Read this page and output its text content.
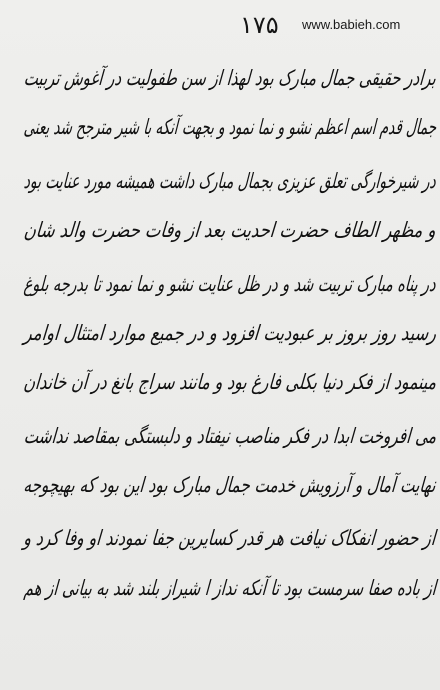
۱۷۵ www.babieh.com
برادر حقیقی جمال مبارک بود لهذا از سن طفولیت در آغوش تربیت
جمال قدم اسم اعظم نشو و نما نمود و بجهت آنکه با شیر مترجح شد یعنی
در شیرخوارگی تعلق عزیزی بجمال مبارک داشت همیشه مورد عنایت بود
و مظهر الطاف حضرت احدیت بعد از وفات حضرت والد شان
در پناه مبارک تربیت شد و در ظل عنایت نشو و نما نمود تا بدرجه بلوغ
رسید روز بروز بر عبودیت افزود و در جمیع موارد امتثال اوامر
مینمود از فکر دنیا بکلی فارغ بود و مانند سراج بانغ در آن خاندان
می افروخت ابدا در فکر مناصب نیفتاد و دلبستگی بمقاصد نداشت
نهایت آمال و آرزویش خدمت جمال مبارک بود این بود که بهیچوجه
از حضور انفکاک نیافت هر قدر کسایرین جفا نمودند او وفا کرد و
از باده صفا سرمست بود تا آنکه نداز ا شیراز بلند شد به بیانی از هم
